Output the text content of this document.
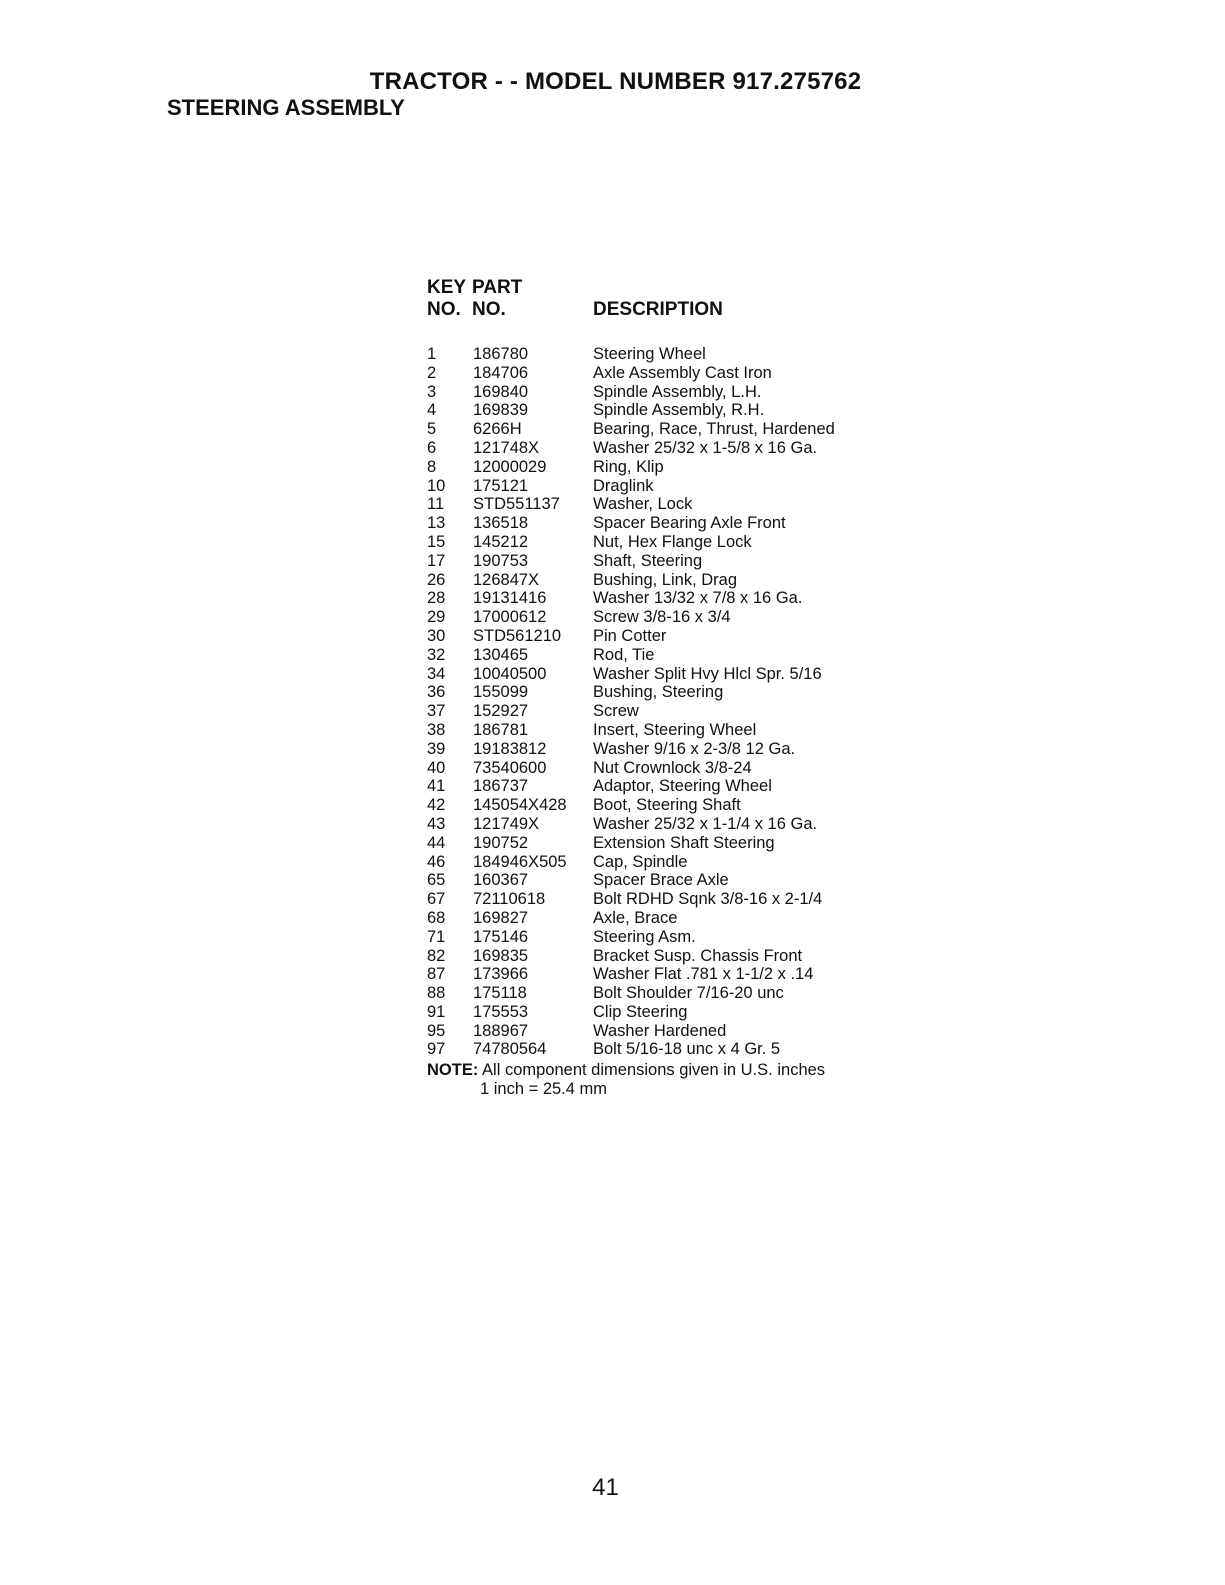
TRACTOR - - MODEL NUMBER 917.275762
STEERING ASSEMBLY
KEY PART
NO. NO.	DESCRIPTION
1 186780	Steering Wheel
2 184706	Axle Assembly Cast Iron
3 169840	Spindle Assembly, L.H.
4 169839	Spindle Assembly, R.H.
5 6266H	Bearing, Race, Thrust, Hardened
6 121748X	Washer 25/32 x 1-5/8 x 16 Ga.
8 12000029	Ring, Klip
10 175121	Draglink
11 STD551137 Washer, Lock
13 136518	Spacer Bearing Axle Front
15 145212	Nut, Hex Flange Lock
17 190753	Shaft, Steering
26 126847X	Bushing, Link, Drag
28 19131416	Washer 13/32 x 7/8 x 16 Ga.
29 17000612	Screw 3/8-16 x 3/4
30 STD561210 Pin Cotter
32 130465	Rod, Tie
34 10040500	Washer Split Hvy Hlcl Spr. 5/16
36 155099	Bushing, Steering
37 152927	Screw
38 186781	Insert, Steering Wheel
39 19183812	Washer 9/16 x 2-3/8 12 Ga.
40 73540600	Nut Crownlock 3/8-24
41 186737	Adaptor, Steering Wheel
42 145054X428 Boot, Steering Shaft
43 121749X	Washer 25/32 x 1-1/4 x 16 Ga.
44 190752	Extension Shaft Steering
46 184946X505 Cap, Spindle
65 160367	Spacer Brace Axle
67 72110618	Bolt RDHD Sqnk 3/8-16 x 2-1/4
68 169827	Axle, Brace
71 175146	Steering Asm.
82 169835	Bracket Susp. Chassis Front
87 173966	Washer Flat .781 x 1-1/2 x .14
88 175118	Bolt Shoulder 7/16-20 unc
91 175553	Clip Steering
95 188967	Washer Hardened
97 74780564	Bolt 5/16-18 unc x 4 Gr. 5
NOTE: All component dimensions given in U.S. inches
1 inch = 25.4 mm
41
